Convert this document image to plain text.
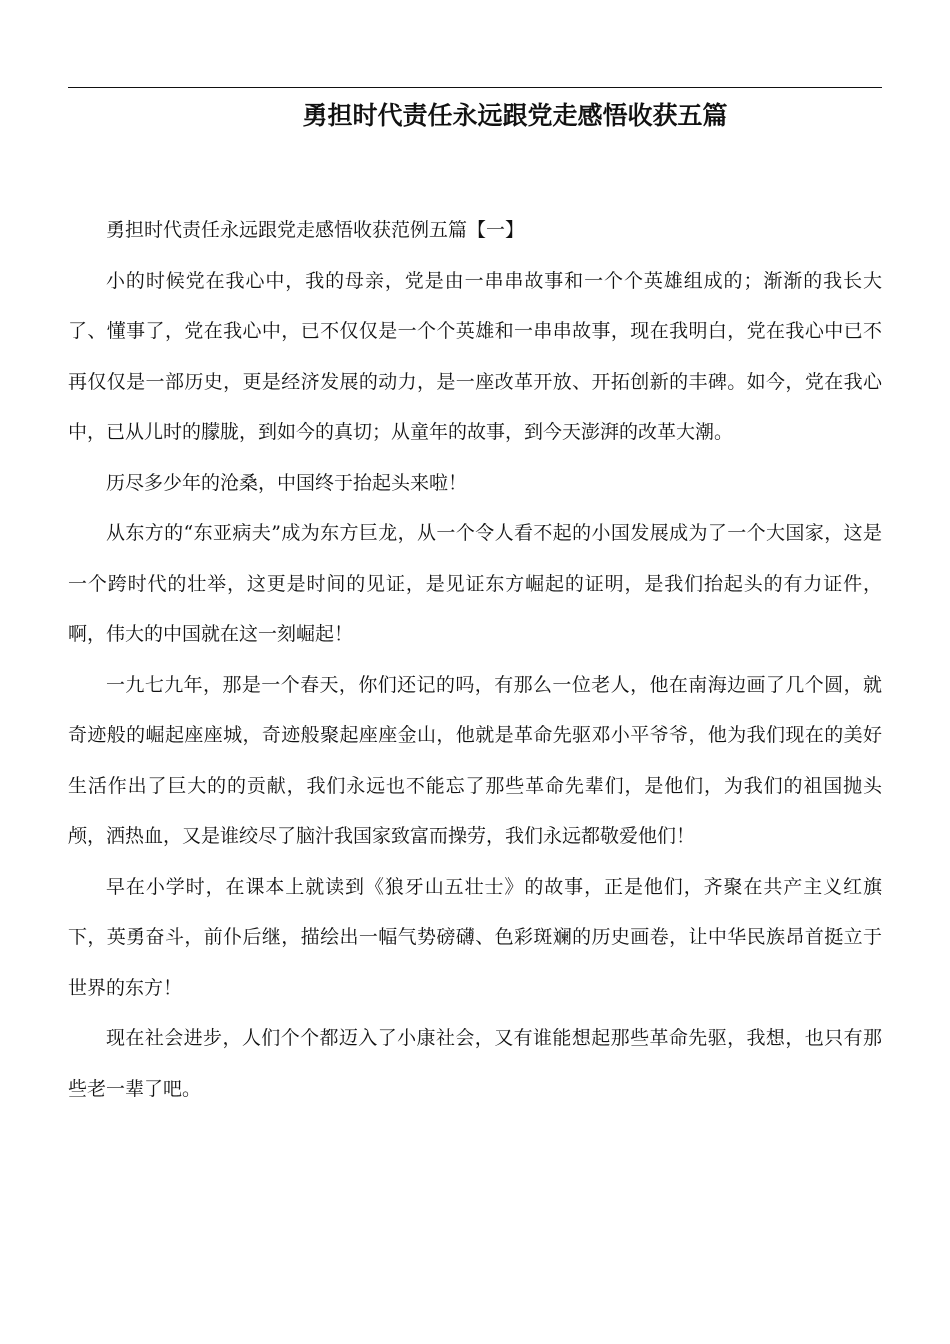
勇担时代责任永远跟党走感悟收获五篇

勇担时代责任永远跟党走感悟收获范例五篇【一】

小的时候党在我心中，我的母亲，党是由一串串故事和一个个英雄组成的；渐渐的我长大了、懂事了，党在我心中，已不仅仅是一个个英雄和一串串故事，现在我明白，党在我心中已不再仅仅是一部历史，更是经济发展的动力，是一座改革开放、开拓创新的丰碑。如今，党在我心中，已从儿时的朦胧，到如今的真切；从童年的故事，到今天澎湃的改革大潮。

历尽多少年的沧桑，中国终于抬起头来啦！

从东方的“东亚病夫”成为东方巨龙，从一个令人看不起的小国发展成为了一个大国家，这是一个跨时代的壮举，这更是时间的见证，是见证东方崛起的证明，是我们抬起头的有力证件，啊，伟大的中国就在这一刻崛起！

一九七九年，那是一个春天，你们还记的吗，有那么一位老人，他在南海边画了几个圆，就奇迹般的崛起座座城，奇迹般聚起座座金山，他就是革命先驱邓小平爷爷，他为我们现在的美好生活作出了巨大的的贡献，我们永远也不能忘了那些革命先辈们，是他们，为我们的祖国抛头颅，洒热血，又是谁绞尽了脑汁我国家致富而操劳，我们永远都敬爱他们！

早在小学时，在课本上就读到《狼牙山五壮士》的故事，正是他们，齐聚在共产主义红旗下，英勇奋斗，前仆后继，描绘出一幅气势磅礴、色彩斑斓的历史画卷，让中华民族昂首挺立于世界的东方！

现在社会进步，人们个个都迈入了小康社会，又有谁能想起那些革命先驱，我想，也只有那些老一辈了吧。
